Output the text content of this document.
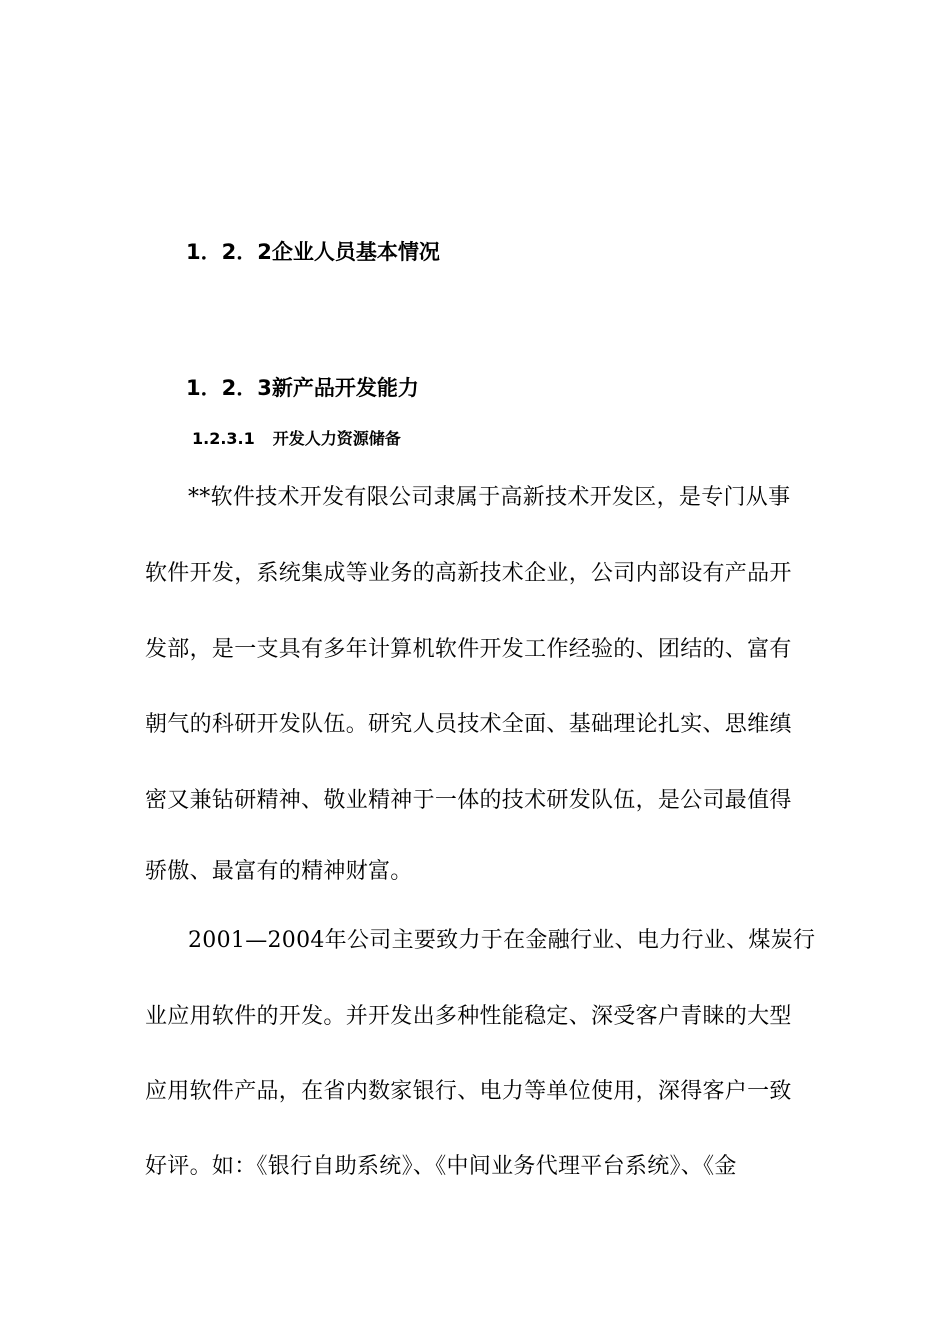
1．2．2企业人员基本情况
1．2．3新产品开发能力
1.2.3.1 开发人力资源储备
**软件技术开发有限公司隶属于高新技术开发区，是专门从事
软件开发，系统集成等业务的高新技术企业，公司内部设有产品开
发部，是一支具有多年计算机软件开发工作经验的、团结的、富有
朝气的科研开发队伍。研究人员技术全面、基础理论扎实、思维缜
密又兼钻研精神、敬业精神于一体的技术研发队伍，是公司最值得
骄傲、最富有的精神财富。
2001—2004年公司主要致力于在金融行业、电力行业、煤炭行
业应用软件的开发。并开发出多种性能稳定、深受客户青睐的大型
应用软件产品，在省内数家银行、电力等单位使用，深得客户一致
好评。如：《银行自助系统》、《中间业务代理平台系统》、《金
